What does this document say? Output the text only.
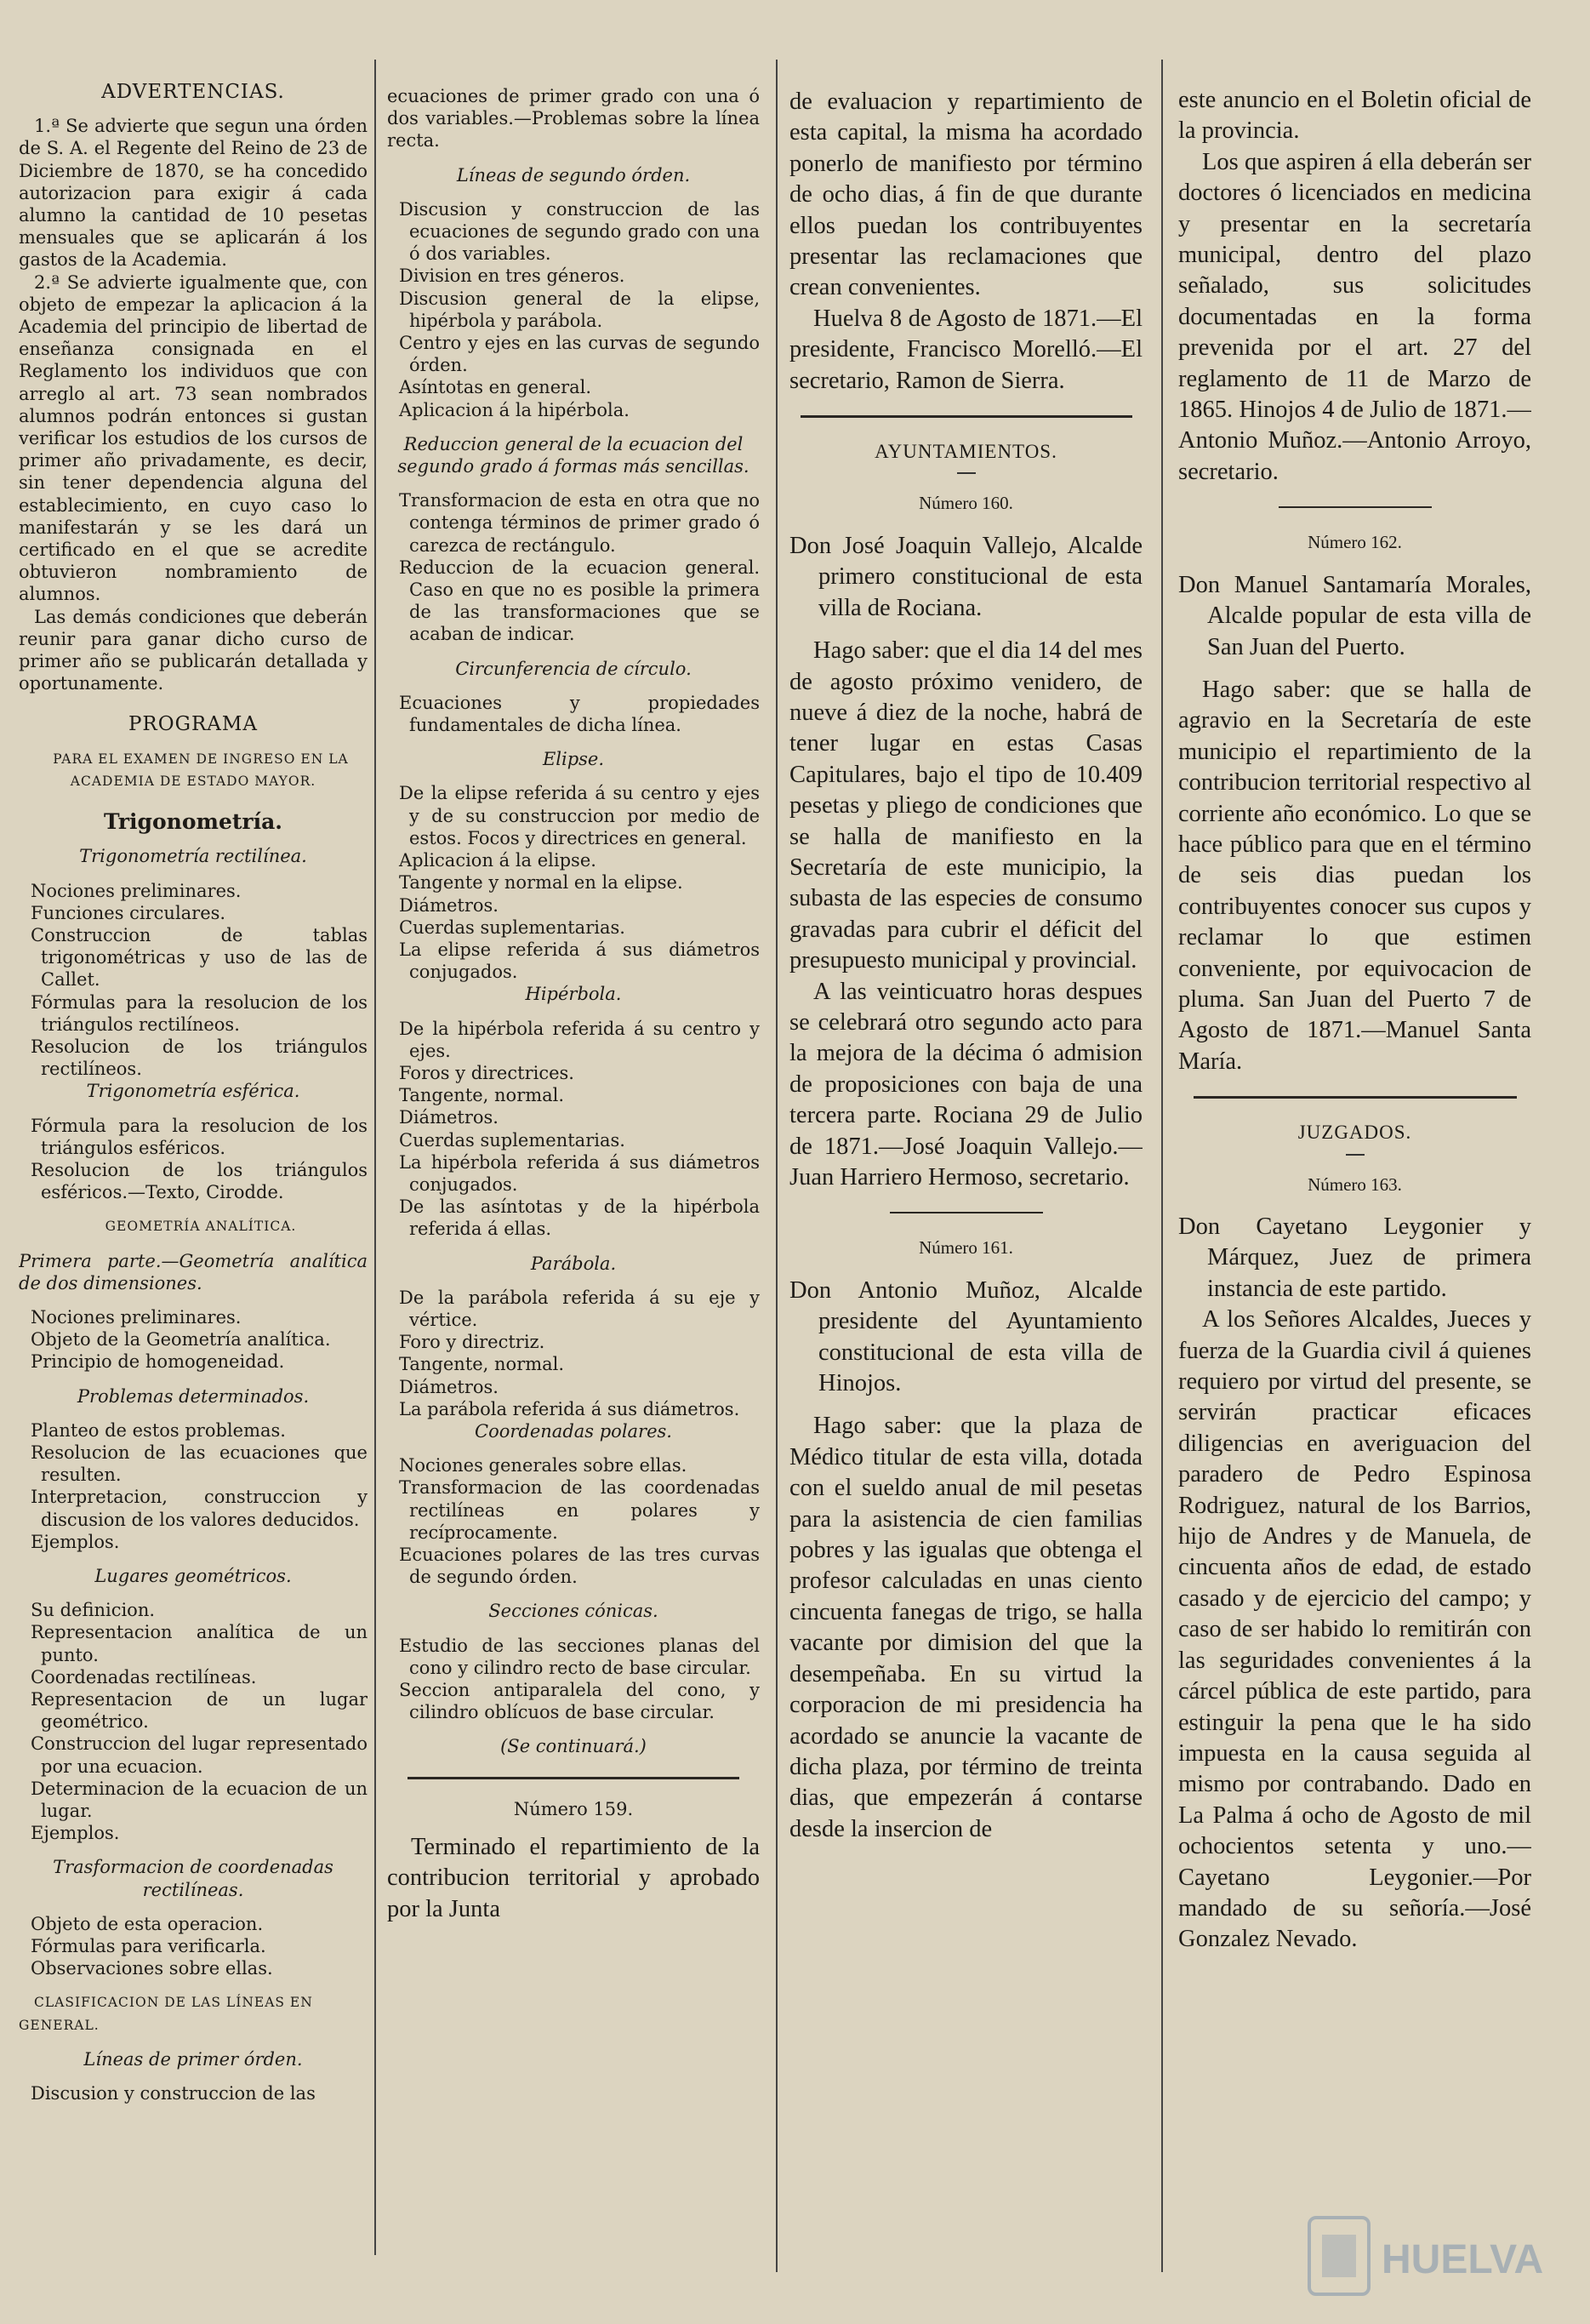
ADVERTENCIAS.

1.ª Se advierte que segun una órden de S. A. el Regente del Reino de 23 de Diciembre de 1870, se ha concedido autorizacion para exigir á cada alumno la cantidad de 10 pesetas mensuales que se aplicarán á los gastos de la Academia.

2.ª Se advierte igualmente que, con objeto de empezar la aplicacion á la Academia del principio de libertad de enseñanza consignada en el Reglamento los individuos que con arreglo al art. 73 sean nombrados alumnos podrán entonces si gustan verificar los estudios de los cursos de primer año privadamente, es decir, sin tener dependencia alguna del establecimiento, en cuyo caso lo manifestarán y se les dará un certificado en el que se acredite obtuvieron nombramiento de alumnos.

Las demás condiciones que deberán reunir para ganar dicho curso de primer año se publicarán detallada y oportunamente.

PROGRAMA

PARA EL EXAMEN DE INGRESO EN LA ACADEMIA DE ESTADO MAYOR.

Trigonometría.

Trigonometría rectilínea.

Nociones preliminares.

Funciones circulares.

Construccion de tablas trigonométricas y uso de las de Callet.

Fórmulas para la resolucion de los triángulos rectilíneos.

Resolucion de los triángulos rectilíneos.

Trigonometría esférica.

Fórmula para la resolucion de los triángulos esféricos.

Resolucion de los triángulos esféricos.—Texto, Cirodde.

GEOMETRÍA ANALÍTICA.

Primera parte.—Geometría analítica de dos dimensiones.

Nociones preliminares.

Objeto de la Geometría analítica.

Principio de homogeneidad.

Problemas determinados.

Planteo de estos problemas.

Resolucion de las ecuaciones que resulten.

Interpretacion, construccion y discusion de los valores deducidos.

Ejemplos.

Lugares geométricos.

Su definicion.

Representacion analítica de un punto.

Coordenadas rectilíneas.

Representacion de un lugar geométrico.

Construccion del lugar representado por una ecuacion.

Determinacion de la ecuacion de un lugar.

Ejemplos.

Trasformacion de coordenadas rectilíneas.

Objeto de esta operacion.

Fórmulas para verificarla.

Observaciones sobre ellas.

CLASIFICACION DE LAS LÍNEAS EN GENERAL.

Líneas de primer órden.

Discusion y construccion de las

ecuaciones de primer grado con una ó dos variables.—Problemas sobre la línea recta.

Líneas de segundo órden.

Discusion y construccion de las ecuaciones de segundo grado con una ó dos variables.

Division en tres géneros.

Discusion general de la elipse, hipérbola y parábola.

Centro y ejes en las curvas de segundo órden.

Asíntotas en general.

Aplicacion á la hipérbola.

Reduccion general de la ecuacion del segundo grado á formas más sencillas.

Transformacion de esta en otra que no contenga términos de primer grado ó carezca de rectángulo.

Reduccion de la ecuacion general. Caso en que no es posible la primera de las transformaciones que se acaban de indicar.

Circunferencia de círculo.

Ecuaciones y propiedades fundamentales de dicha línea.

Elipse.

De la elipse referida á su centro y ejes y de su construccion por medio de estos. Focos y directrices en general.

Aplicacion á la elipse.

Tangente y normal en la elipse.

Diámetros.

Cuerdas suplementarias.

La elipse referida á sus diámetros conjugados.

Hipérbola.

De la hipérbola referida á su centro y ejes.

Foros y directrices.

Tangente, normal.

Diámetros.

Cuerdas suplementarias.

La hipérbola referida á sus diámetros conjugados.

De las asíntotas y de la hipérbola referida á ellas.

Parábola.

De la parábola referida á su eje y vértice.

Foro y directriz.

Tangente, normal.

Diámetros.

La parábola referida á sus diámetros.

Coordenadas polares.

Nociones generales sobre ellas.

Transformacion de las coordenadas rectilíneas en polares y recíprocamente.

Ecuaciones polares de las tres curvas de segundo órden.

Secciones cónicas.

Estudio de las secciones planas del cono y cilindro recto de base circular.

Seccion antiparalela del cono, y cilindro oblícuos de base circular.

(Se continuará.)

Número 159.

Terminado el repartimiento de la contribucion territorial y aprobado por la Junta

de evaluacion y repartimiento de esta capital, la misma ha acordado ponerlo de manifiesto por término de ocho dias, á fin de que durante ellos puedan los contribuyentes presentar las reclamaciones que crean convenientes.

Huelva 8 de Agosto de 1871.—El presidente, Francisco Morelló.—El secretario, Ramon de Sierra.

AYUNTAMIENTOS.

Número 160.

Don José Joaquin Vallejo, Alcalde primero constitucional de esta villa de Rociana.

Hago saber: que el dia 14 del mes de agosto próximo venidero, de nueve á diez de la noche, habrá de tener lugar en estas Casas Capitulares, bajo el tipo de 10.409 pesetas y pliego de condiciones que se halla de manifiesto en la Secretaría de este municipio, la subasta de las especies de consumo gravadas para cubrir el déficit del presupuesto municipal y provincial.

A las veinticuatro horas despues se celebrará otro segundo acto para la mejora de la décima ó admision de proposiciones con baja de una tercera parte. Rociana 29 de Julio de 1871.—José Joaquin Vallejo.—Juan Harriero Hermoso, secretario.

Número 161.

Don Antonio Muñoz, Alcalde presidente del Ayuntamiento constitucional de esta villa de Hinojos.

Hago saber: que la plaza de Médico titular de esta villa, dotada con el sueldo anual de mil pesetas para la asistencia de cien familias pobres y las igualas que obtenga el profesor calculadas en unas ciento cincuenta fanegas de trigo, se halla vacante por dimision del que la desempeñaba. En su virtud la corporacion de mi presidencia ha acordado se anuncie la vacante de dicha plaza, por término de treinta dias, que empezerán á contarse desde la insercion de

este anuncio en el Boletin oficial de la provincia.

Los que aspiren á ella deberán ser doctores ó licenciados en medicina y presentar en la secretaría municipal, dentro del plazo señalado, sus solicitudes documentadas en la forma prevenida por el art. 27 del reglamento de 11 de Marzo de 1865. Hinojos 4 de Julio de 1871.—Antonio Muñoz.—Antonio Arroyo, secretario.

Número 162.

Don Manuel Santamaría Morales, Alcalde popular de esta villa de San Juan del Puerto.

Hago saber: que se halla de agravio en la Secretaría de este municipio el repartimiento de la contribucion territorial respectivo al corriente año económico. Lo que se hace público para que en el término de seis dias puedan los contribuyentes conocer sus cupos y reclamar lo que estimen conveniente, por equivocacion de pluma. San Juan del Puerto 7 de Agosto de 1871.—Manuel Santa María.

JUZGADOS.

Número 163.

Don Cayetano Leygonier y Márquez, Juez de primera instancia de este partido.

A los Señores Alcaldes, Jueces y fuerza de la Guardia civil á quienes requiero por virtud del presente, se servirán practicar eficaces diligencias en averiguacion del paradero de Pedro Espinosa Rodriguez, natural de los Barrios, hijo de Andres y de Manuela, de cincuenta años de edad, de estado casado y de ejercicio del campo; y caso de ser habido lo remitirán con las seguridades convenientes á la cárcel pública de este partido, para estinguir la pena que le ha sido impuesta en la causa seguida al mismo por contrabando. Dado en La Palma á ocho de Agosto de mil ochocientos setenta y uno.—Cayetano Leygonier.—Por mandado de su señoría.—José Gonzalez Nevado.

HUELVA
